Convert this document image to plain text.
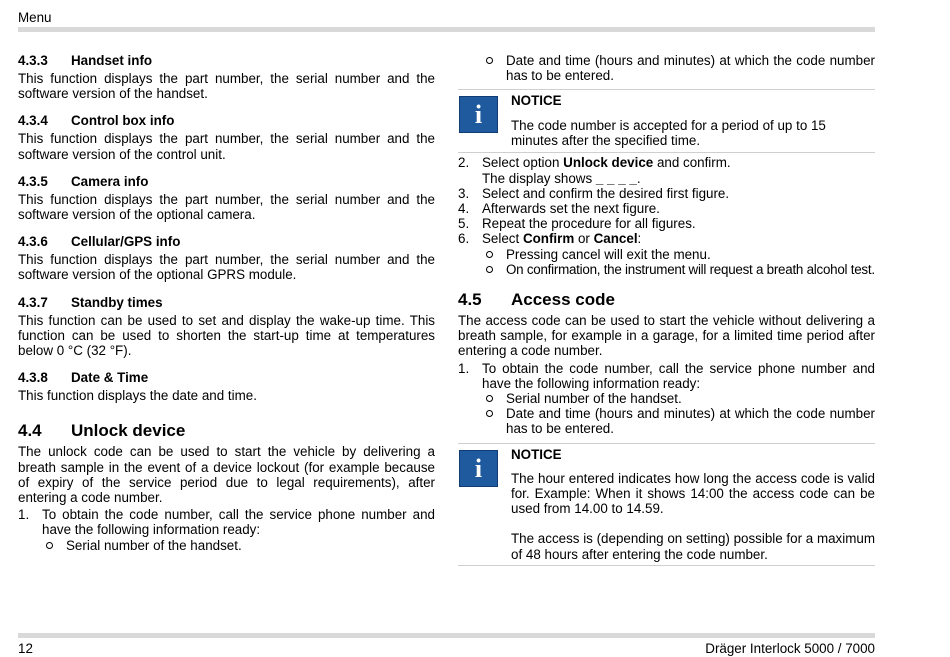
Menu
4.3.3	Handset info
This function displays the part number, the serial number and the software version of the handset.
4.3.4	Control box info
This function displays the part number, the serial number and the software version of the control unit.
4.3.5	Camera info
This function displays the part number, the serial number and the software version of the optional camera.
4.3.6	Cellular/GPS info
This function displays the part number, the serial number and the software version of the optional GPRS module.
4.3.7	Standby times
This function can be used to set and display the wake-up time. This function can be used to shorten the start-up time at temperatures below 0 °C (32 °F).
4.3.8	Date & Time
This function displays the date and time.
4.4	Unlock device
The unlock code can be used to start the vehicle by delivering a breath sample in the event of a device lockout (for example because of expiry of the service period due to legal requirements), after entering a code number.
1. To obtain the code number, call the service phone number and have the following information ready:
Serial number of the handset.
Date and time (hours and minutes) at which the code number has to be entered.
i	NOTICE
The code number is accepted for a period of up to 15 minutes after the specified time.
2. Select option Unlock device and confirm.
The display shows _ _ _ _.
3. Select and confirm the desired first figure.
4. Afterwards set the next figure.
5. Repeat the procedure for all figures.
6. Select Confirm or Cancel:
Pressing cancel will exit the menu.
On confirmation, the instrument will request a breath alcohol test.
4.5	Access code
The access code can be used to start the vehicle without delivering a breath sample, for example in a garage, for a limited time period after entering a code number.
1. To obtain the code number, call the service phone number and have the following information ready:
Serial number of the handset.
Date and time (hours and minutes) at which the code number has to be entered.
i	NOTICE
The hour entered indicates how long the access code is valid for. Example: When it shows 14:00 the access code can be used from 14.00 to 14.59.
The access is (depending on setting) possible for a maximum of 48 hours after entering the code number.
12	Dräger Interlock 5000 / 7000
